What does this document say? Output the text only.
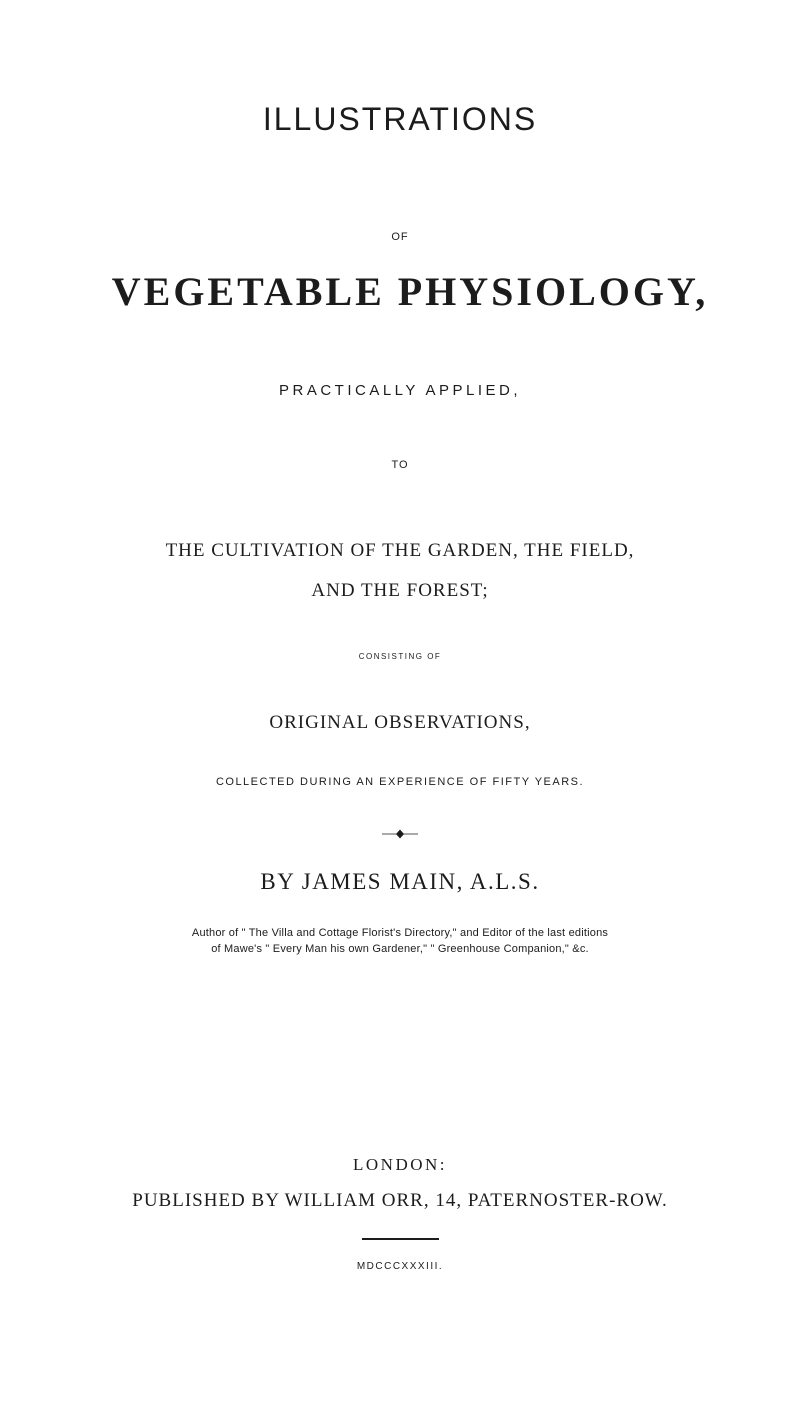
ILLUSTRATIONS
OF
VEGETABLE PHYSIOLOGY,
PRACTICALLY APPLIED,
TO
THE CULTIVATION OF THE GARDEN, THE FIELD,
AND THE FOREST;
CONSISTING OF
ORIGINAL OBSERVATIONS,
COLLECTED DURING AN EXPERIENCE OF FIFTY YEARS.
BY JAMES MAIN, A.L.S.
Author of " The Villa and Cottage Florist's Directory," and Editor of the last editions
of Mawe's " Every Man his own Gardener," " Greenhouse Companion," &c.
LONDON:
PUBLISHED BY WILLIAM ORR, 14, PATERNOSTER-ROW.
MDCCCXXXIII.
